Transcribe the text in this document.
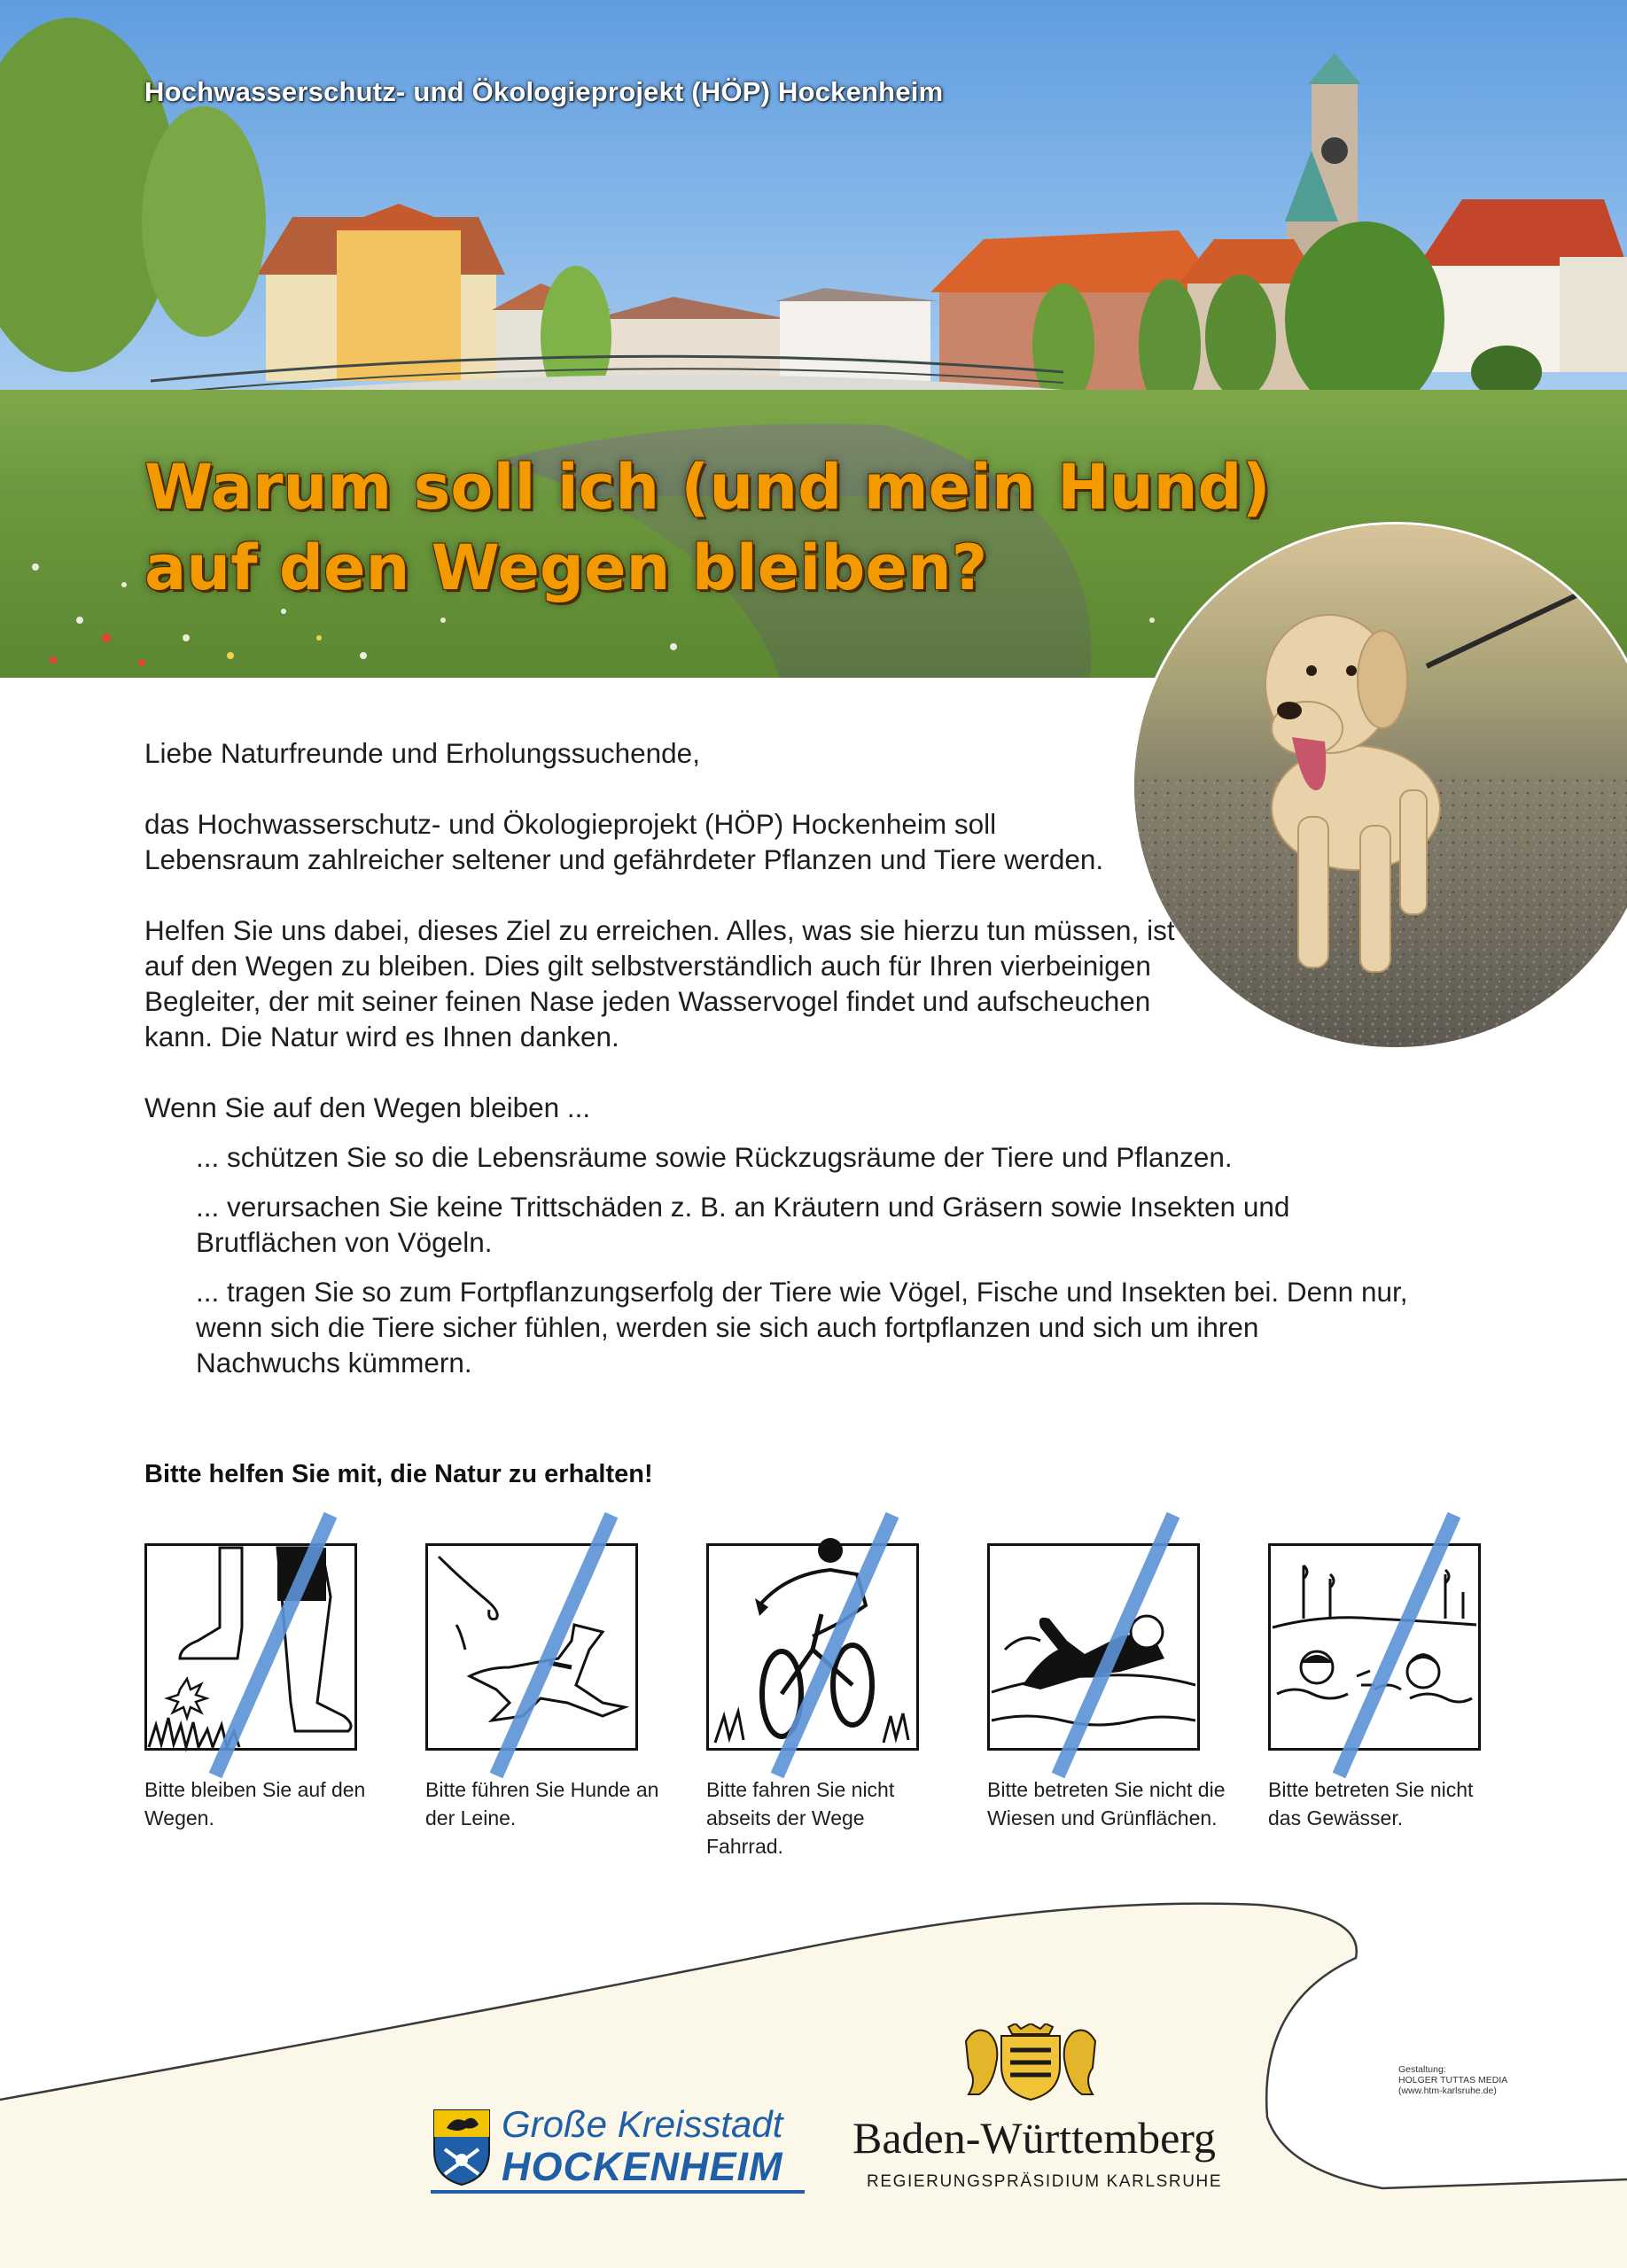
Hochwasserschutz- und Ökologieprojekt (HÖP) Hockenheim

Warum soll ich (und mein Hund)
auf den Wegen bleiben?

Liebe Naturfreunde und Erholungssuchende,

das Hochwasserschutz- und Ökologieprojekt (HÖP) Hockenheim soll Lebensraum zahlreicher seltener und gefährdeter Pflanzen und Tiere werden.

Helfen Sie uns dabei, dieses Ziel zu erreichen. Alles, was sie hierzu tun müssen, ist auf den Wegen zu bleiben. Dies gilt selbstverständlich auch für Ihren vierbeinigen Begleiter, der mit seiner feinen Nase jeden Wasservogel findet und aufscheuchen kann. Die Natur wird es Ihnen danken.

Wenn Sie auf den Wegen bleiben ...

... schützen Sie so die Lebensräume sowie Rückzugsräume der Tiere und Pflanzen.

... verursachen Sie keine Trittschäden z. B. an Kräutern und Gräsern sowie Insekten und Brutflächen von Vögeln.

... tragen Sie so zum Fortpflanzungserfolg der Tiere wie Vögel, Fische und Insekten bei. Denn nur, wenn sich die Tiere sicher fühlen, werden sie sich auch fortpflanzen und sich um ihren Nachwuchs kümmern.

Bitte helfen Sie mit, die Natur zu erhalten!

Bitte bleiben Sie auf den Wegen.

Bitte führen Sie Hunde an der Leine.

Bitte fahren Sie nicht abseits der Wege Fahrrad.

Bitte betreten Sie nicht die Wiesen und Grünflächen.

Bitte betreten Sie nicht das Gewässer.

Große Kreisstadt

HOCKENHEIM

Baden-Württemberg

REGIERUNGSPRÄSIDIUM KARLSRUHE

Gestaltung:
HOLGER TUTTAS MEDIA
(www.htm-karlsruhe.de)
